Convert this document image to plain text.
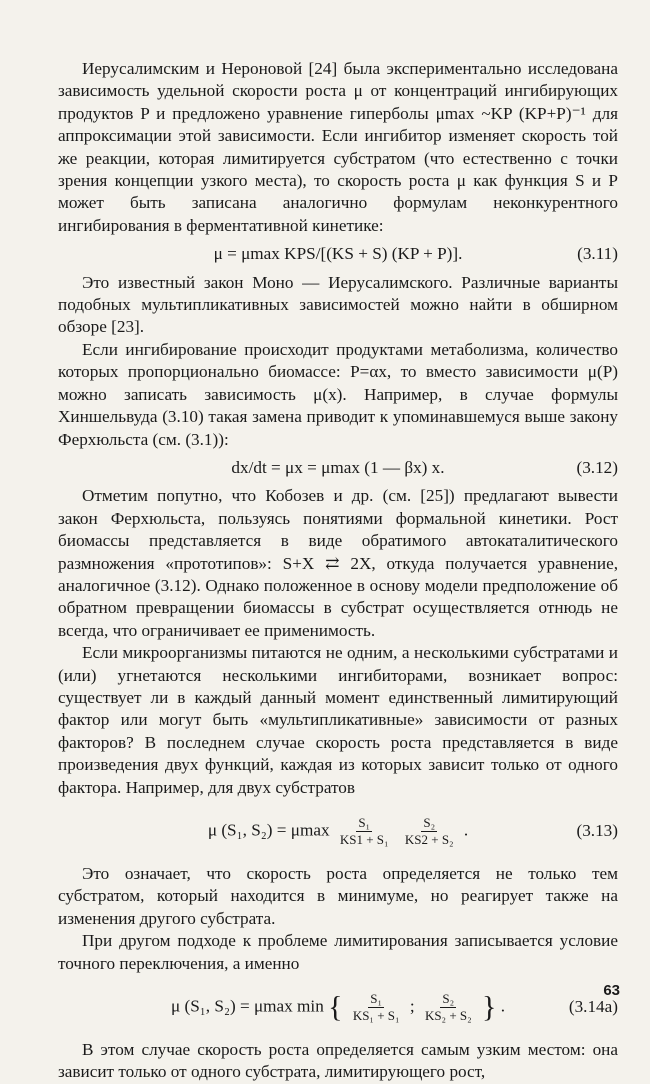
Иерусалимским и Нероновой [24] была экспериментально исследована зависимость удельной скорости роста μ от концентраций ингибирующих продуктов P и предложено уравнение гиперболы μmax ~KP (KP+P)⁻¹ для аппроксимации этой зависимости. Если ингибитор изменяет скорость той же реакции, которая лимитируется субстратом (что естественно с точки зрения концепции узкого места), то скорость роста μ как функция S и P может быть записана аналогично формулам неконкурентного ингибирования в ферментативной кинетике:

μ = μmax KPS/[(KS + S) (KP + P)].	(3.11)

Это известный закон Моно — Иерусалимского. Различные варианты подобных мультипликативных зависимостей можно найти в обширном обзоре [23].

Если ингибирование происходит продуктами метаболизма, количество которых пропорционально биомассе: P=αx, то вместо зависимости μ(P) можно записать зависимость μ(x). Например, в случае формулы Хиншельвуда (3.10) такая замена приводит к упоминавшемуся выше закону Ферхюльста (см. (3.1)):

dx/dt = μx = μmax (1 — βx) x.	(3.12)

Отметим попутно, что Кобозев и др. (см. [25]) предлагают вывести закон Ферхюльста, пользуясь понятиями формальной кинетики. Рост биомассы представляется в виде обратимого автокаталитического размножения «прототипов»: S+X ⇄ 2X, откуда получается уравнение, аналогичное (3.12). Однако положенное в основу модели предположение об обратном превращении биомассы в субстрат осуществляется отнюдь не всегда, что ограничивает ее применимость.

Если микроорганизмы питаются не одним, а несколькими субстратами и (или) угнетаются несколькими ингибиторами, возникает вопрос: существует ли в каждый данный момент единственный лимитирующий фактор или могут быть «мультипликативные» зависимости от разных факторов? В последнем случае скорость роста представляется в виде произведения двух функций, каждая из которых зависит только от одного фактора. Например, для двух субстратов

μ (S₁, S₂) = μmax $\frac{\text{S₁}}{\text{KS1 + S₁}}$
$\frac{\text{S₂}}{\text{KS2 + S₂}}$ .	(3.13)

Это означает, что скорость роста определяется не только тем субстратом, который находится в минимуме, но реагирует также на изменения другого субстрата.

При другом подходе к проблеме лимитирования записывается условие точного переключения, а именно

μ (S₁, S₂) = μmax min { $\frac{\text{S₁}}{\text{KS₁ + S₁}}$ ; $\frac{\text{S₂}}{\text{KS₂ + S₂}}$ } .	(3.14a)

В этом случае скорость роста определяется самым узким местом: она зависит только от одного субстрата, лимитирующего рост,

63
